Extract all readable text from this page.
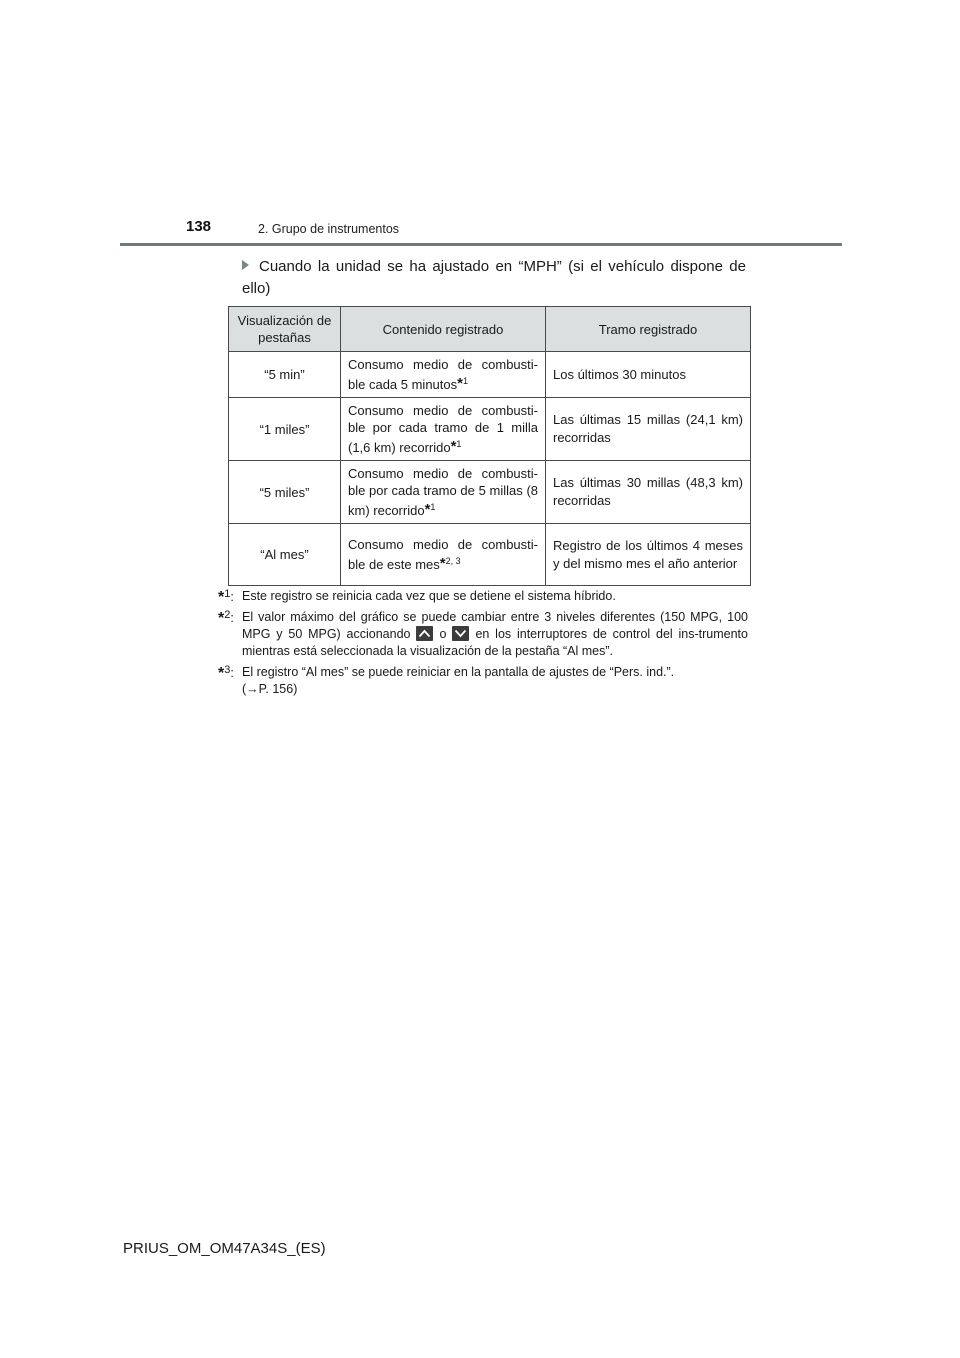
138	2. Grupo de instrumentos
Cuando la unidad se ha ajustado en “MPH” (si el vehículo dispone de ello)
Visualización de pestañas	Contenido registrado	Tramo registrado
“5 min”	Consumo medio de combusti-ble cada 5 minutos*$^1$	Los últimos 30 minutos
“1 miles”	Consumo medio de combusti-ble por cada tramo de 1 milla (1,6 km) recorrido*$^1$	Las últimas 15 millas (24,1 km) recorridas
“5 miles”	Consumo medio de combusti-ble por cada tramo de 5 millas (8 km) recorrido*$^1$	Las últimas 30 millas (48,3 km) recorridas
“Al mes”	Consumo medio de combusti-ble de este mes*$^{2, 3}$	Registro de los últimos 4 meses y del mismo mes el año anterior
*1: Este registro se reinicia cada vez que se detiene el sistema híbrido.
*2: El valor máximo del gráfico se puede cambiar entre 3 niveles diferentes (150 MPG, 100 MPG y 50 MPG) accionando o en los interruptores de control del ins-trumento mientras está seleccionada la visualización de la pestaña “Al mes”.
*3: El registro “Al mes” se puede reiniciar en la pantalla de ajustes de “Pers. ind.”.
(→P. 156)
PRIUS_OM_OM47A34S_(ES)
